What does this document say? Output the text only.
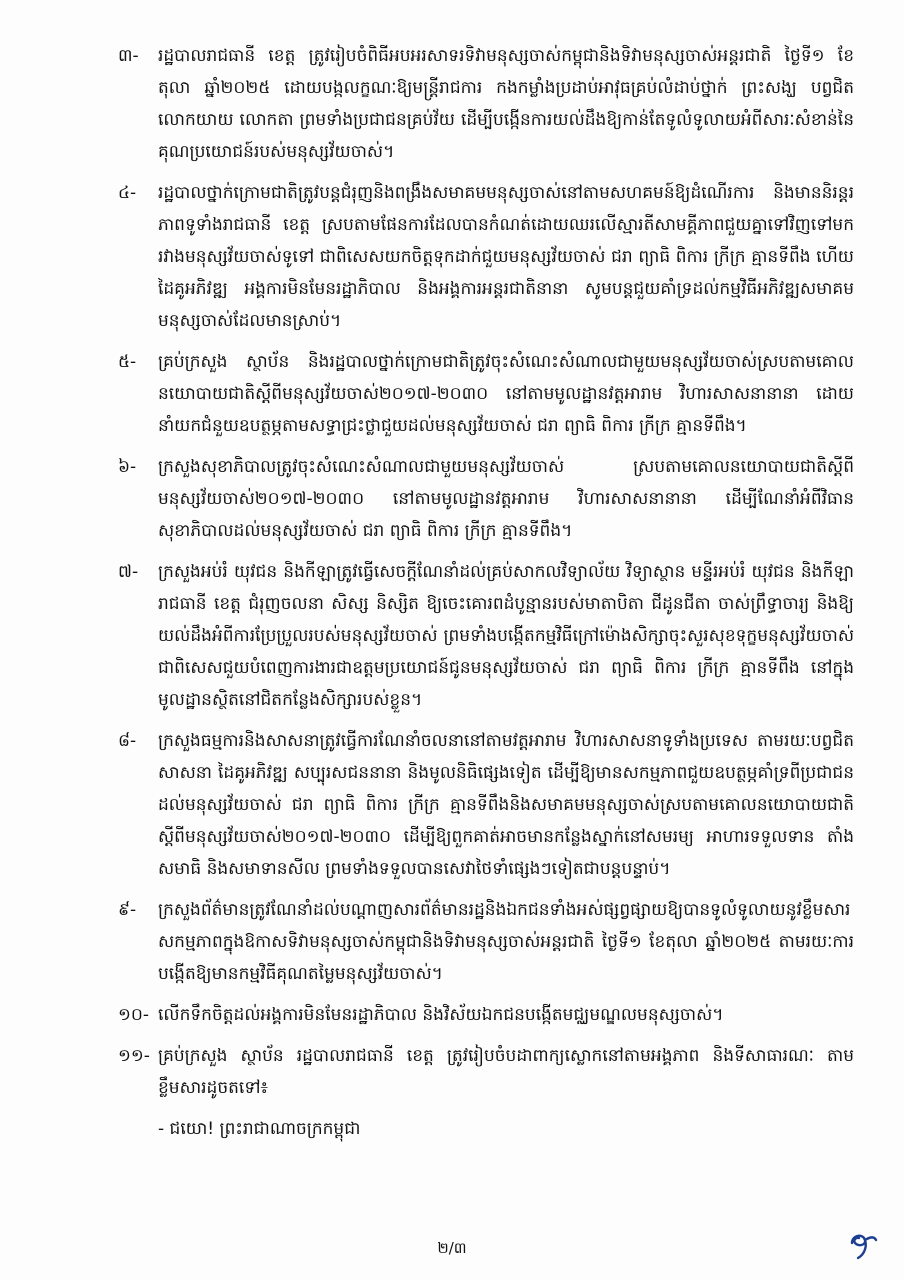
៣-	រដ្ឋបាលរាជធានី ខេត្ត ត្រូវរៀបចំពិធីអបអរសាទរទិវាមនុស្សចាស់កម្ពុជានិងទិវាមនុស្សចាស់អន្តរជាតិ ថ្ងៃទី១ ខែតុលា ឆ្នាំ២០២៥ ដោយបង្កលក្ខណៈឱ្យមន្ត្រីរាជការ កងកម្លាំងប្រដាប់អាវុធគ្រប់លំដាប់ថ្នាក់ ព្រះសង្ឃ បព្វជិត លោកយាយ លោកតា ព្រមទាំងប្រជាជនគ្រប់វ័យ ដើម្បីបង្កើនការយល់ដឹងឱ្យកាន់តែទូលំទូលាយអំពីសារៈសំខាន់នៃគុណប្រយោជន៍របស់មនុស្សវ័យចាស់។
៤-	រដ្ឋបាលថ្នាក់ក្រោមជាតិត្រូវបន្តជំរុញនិងពង្រឹងសមាគមមនុស្សចាស់នៅតាមសហគមន៍ឱ្យដំណើរការ និងមាននិរន្តរភាពទូទាំងរាជធានី ខេត្ត ស្របតាមផែនការដែលបានកំណត់ដោយឈរលើស្មារតីសាមគ្គីភាពជួយគ្នាទៅវិញទៅមករវាងមនុស្សវ័យចាស់ទូទៅ ជាពិសេសយកចិត្តទុកដាក់ជួយមនុស្សវ័យចាស់ ជរា ព្យាធិ ពិការ ក្រីក្រ គ្មានទីពឹង ហើយដៃគូអភិវឌ្ឍ អង្គការមិនមែនរដ្ឋាភិបាល និងអង្គការអន្តរជាតិនានា សូមបន្តជួយគាំទ្រដល់កម្មវិធីអភិវឌ្ឍសមាគមមនុស្សចាស់ដែលមានស្រាប់។
៥-	គ្រប់ក្រសួង ស្ថាប័ន និងរដ្ឋបាលថ្នាក់ក្រោមជាតិត្រូវចុះសំណេះសំណាលជាមួយមនុស្សវ័យចាស់ស្របតាមគោលនយោបាយជាតិស្តីពីមនុស្សវ័យចាស់២០១៧-២០៣០ នៅតាមមូលដ្ឋានវត្តអារាម វិហារសាសនានានា ដោយនាំយកជំនួយឧបត្ថម្ភតាមសទ្ធាជ្រះថ្លាជួយដល់មនុស្សវ័យចាស់ ជរា ព្យាធិ ពិការ ក្រីក្រ គ្មានទីពឹង។
៦-	ក្រសួងសុខាភិបាលត្រូវចុះសំណេះសំណាលជាមួយមនុស្សវ័យចាស់ ស្របតាមគោលនយោបាយជាតិស្តីពីមនុស្សវ័យចាស់២០១៧-២០៣០ នៅតាមមូលដ្ឋានវត្តអារាម វិហារសាសនានានា ដើម្បីណែនាំអំពីវិធានសុខាភិបាលដល់មនុស្សវ័យចាស់ ជរា ព្យាធិ ពិការ ក្រីក្រ គ្មានទីពឹង។
៧-	ក្រសួងអប់រំ យុវជន និងកីឡាត្រូវធ្វើសេចក្តីណែនាំដល់គ្រប់សាកលវិទ្យាល័យ វិទ្យាស្ថាន មន្ទីរអប់រំ យុវជន និងកីឡា រាជធានី ខេត្ត ជំរុញចលនា សិស្ស និស្សិត ឱ្យចេះគោរពដំបូន្មានរបស់មាតាបិតា ជីដូនជីតា ចាស់ព្រឹទ្ធាចារ្យ និងឱ្យយល់ដឹងអំពីការប្រែប្រួលរបស់មនុស្សវ័យចាស់ ព្រមទាំងបង្កើតកម្មវិធីក្រៅម៉ោងសិក្សាចុះសួរសុខទុក្ខមនុស្សវ័យចាស់ ជាពិសេសជួយបំពេញការងារជាឧត្តមប្រយោជន៍ជូនមនុស្សវ័យចាស់ ជរា ព្យាធិ ពិការ ក្រីក្រ គ្មានទីពឹង នៅក្នុងមូលដ្ឋានស្ថិតនៅជិតកន្លែងសិក្សារបស់ខ្លួន។
៨-	ក្រសួងធម្មការនិងសាសនាត្រូវធ្វើការណែនាំចលនានៅតាមវត្តអារាម វិហារសាសនាទូទាំងប្រទេស តាមរយៈបព្វជិតសាសនា ដៃគូអភិវឌ្ឍ សប្បុរសជននានា និងមូលនិធិផ្សេងទៀត ដើម្បីឱ្យមានសកម្មភាពជួយឧបត្ថម្ភគាំទ្រពីប្រជាជនដល់មនុស្សវ័យចាស់ ជរា ព្យាធិ ពិការ ក្រីក្រ គ្មានទីពឹងនិងសមាគមមនុស្សចាស់ស្របតាមគោលនយោបាយជាតិស្តីពីមនុស្សវ័យចាស់២០១៧-២០៣០ ដើម្បីឱ្យពួកគាត់អាចមានកន្លែងស្នាក់នៅសមរម្យ អាហារទទួលទាន តាំងសមាធិ និងសមាទានសីល ព្រមទាំងទទួលបានសេវាថៃទាំផ្សេងៗទៀតជាបន្តបន្ទាប់។
៩-	ក្រសួងព័ត៌មានត្រូវណែនាំដល់បណ្តាញសារព័ត៌មានរដ្ឋនិងឯកជនទាំងអស់ផ្សព្វផ្សាយឱ្យបានទូលំទូលាយនូវខ្លឹមសារសកម្មភាពក្នុងឱកាសទិវាមនុស្សចាស់កម្ពុជានិងទិវាមនុស្សចាស់អន្តរជាតិ ថ្ងៃទី១ ខែតុលា ឆ្នាំ២០២៥ តាមរយៈការបង្កើតឱ្យមានកម្មវិធីគុណតម្លៃមនុស្សវ័យចាស់។
១០- លើកទឹកចិត្តដល់អង្គការមិនមែនរដ្ឋាភិបាល និងវិស័យឯកជនបង្កើតមជ្ឈមណ្ឌលមនុស្សចាស់។
១១- គ្រប់ក្រសួង ស្ថាប័ន រដ្ឋបាលរាជធានី ខេត្ត ត្រូវរៀបចំបដាពាក្យស្លោកនៅតាមអង្គភាព និងទីសាធារណៈ តាមខ្លឹមសារដូចតទៅ៖
- ជយោ! ព្រះរាជាណាចក្រកម្ពុជា
២/៣
